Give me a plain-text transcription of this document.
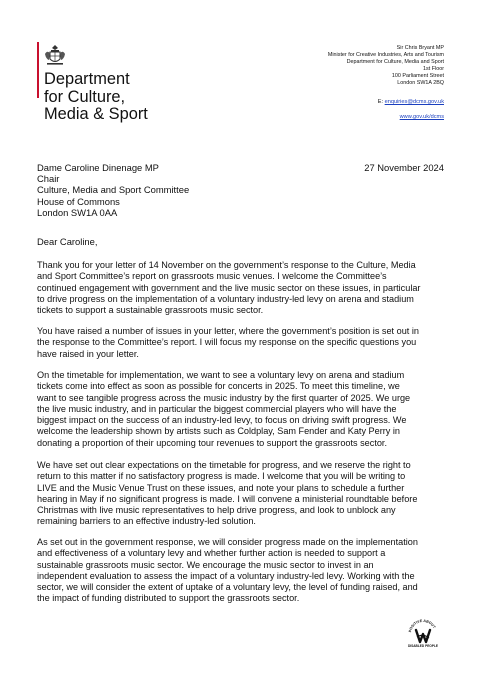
Department
for Culture,
Media & Sport
Sir Chris Bryant MP
Minister for Creative Industries, Arts and Tourism
Department for Culture, Media and Sport
1st Floor
100 Parliament Street
London SW1A 2BQ
E: enquiries@dcms.gov.uk
www.gov.uk/dcms
Dame Caroline Dinenage MP
Chair
Culture, Media and Sport Committee
House of Commons
London SW1A 0AA
27 November 2024
Dear Caroline,
Thank you for your letter of 14 November on the government’s response to the Culture, Media
and Sport Committee’s report on grassroots music venues. I welcome the Committee’s
continued engagement with government and the live music sector on these issues, in particular
to drive progress on the implementation of a voluntary industry-led levy on arena and stadium
tickets to support a sustainable grassroots music sector.
You have raised a number of issues in your letter, where the government’s position is set out in
the response to the Committee’s report. I will focus my response on the specific questions you
have raised in your letter.
On the timetable for implementation, we want to see a voluntary levy on arena and stadium
tickets come into effect as soon as possible for concerts in 2025. To meet this timeline, we
want to see tangible progress across the music industry by the first quarter of 2025. We urge
the live music industry, and in particular the biggest commercial players who will have the
biggest impact on the success of an industry-led levy, to focus on driving swift progress. We
welcome the leadership shown by artists such as Coldplay, Sam Fender and Katy Perry in
donating a proportion of their upcoming tour revenues to support the grassroots sector.
We have set out clear expectations on the timetable for progress, and we reserve the right to
return to this matter if no satisfactory progress is made. I welcome that you will be writing to
LIVE and the Music Venue Trust on these issues, and note your plans to schedule a further
hearing in May if no significant progress is made. I will convene a ministerial roundtable before
Christmas with live music representatives to help drive progress, and look to unblock any
remaining barriers to an effective industry-led solution.
As set out in the government response, we will consider progress made on the implementation
and effectiveness of a voluntary levy and whether further action is needed to support a
sustainable grassroots music sector. We encourage the music sector to invest in an
independent evaluation to assess the impact of a voluntary industry-led levy. Working with the
sector, we will consider the extent of uptake of a voluntary levy, the level of funding raised, and
the impact of funding distributed to support the grassroots sector.
POSITIVE ABOUT
DISABLED PEOPLE
